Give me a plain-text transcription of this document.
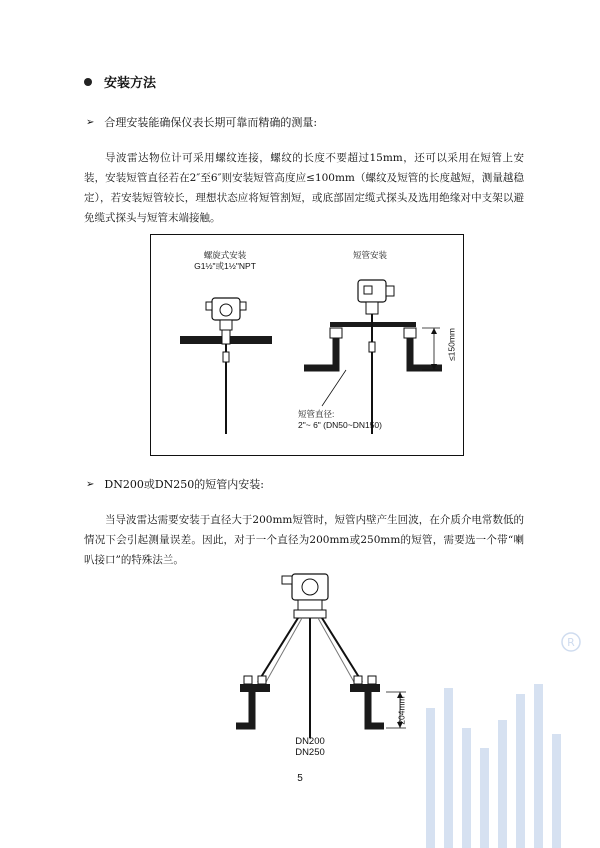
安装方法
➢ 合理安装能确保仪表长期可靠而精确的测量:
导波雷达物位计可采用螺纹连接，螺纹的长度不要超过15mm，还可以采用在短管上安装，安装短管直径若在2″至6″则安装短管高度应≤100mm（螺纹及短管的长度越短，测量越稳定），若安装短管较长，理想状态应将短管割短，或底部固定缆式探头及选用绝缘对中支架以避免缆式探头与短管末端接触。
螺旋式安装
G1½"或1½"NPT
短管安装
≤150mm
短管直径:
2"~ 6" (DN50~DN150)
➢ DN200或DN250的短管内安装:
当导波雷达需要安装于直径大于200mm短管时，短管内壁产生回波，在介质介电常数低的情况下会引起测量误差。因此，对于一个直径为200mm或250mm的短管，需要选一个带“喇叭接口”的特殊法兰。
204mm
DN200
DN250
R
5
